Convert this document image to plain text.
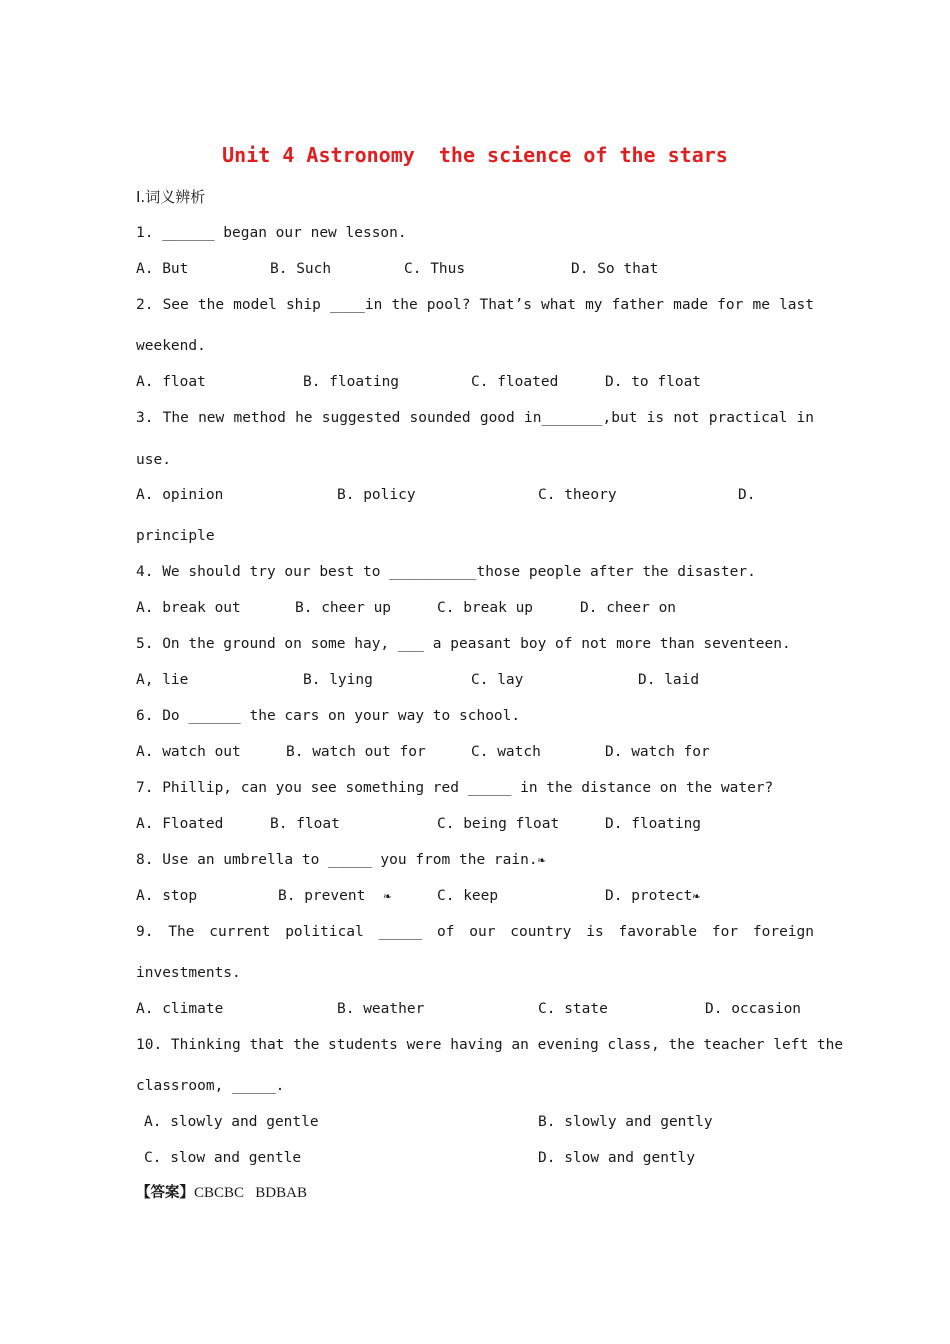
Unit 4 Astronomy  the science of the stars
Ⅰ.词义辨析
1. ______ began our new lesson.
A. But	B. Such	C. Thus	D. So that
2. See the model ship ____in the pool? That’s what my father made for me last
weekend.
A. float	B. floating	C. floated	D. to float
3. The new method he suggested sounded good in_______,but is not practical in
use.
A. opinion	B. policy	C. theory	D.
principle
4. We should try our best to __________those people after the disaster.
A. break out	B. cheer up	C. break up	D. cheer on
5. On the ground on some hay, ___ a peasant boy of not more than seventeen.
A, lie	B. lying	C. lay	D. laid
6. Do ______ the cars on your way to school.
A. watch out	B. watch out for	C. watch	D. watch for
7. Phillip, can you see something red _____ in the distance on the water?
A. Floated	B. float	C. being float	D. floating
8. Use an umbrella to _____ you from the rain.❧
A. stop	B. prevent ❧	C. keep	D. protect❧
9. The current political _____ of our country is favorable for foreign
investments.
A. climate	B. weather	C. state	D. occasion
10. Thinking that the students were having an evening class, the teacher left the
classroom, _____.
A. slowly and gentle	B. slowly and gently
C. slow and gentle	D. slow and gently
【答案】CBCBC   BDBAB
